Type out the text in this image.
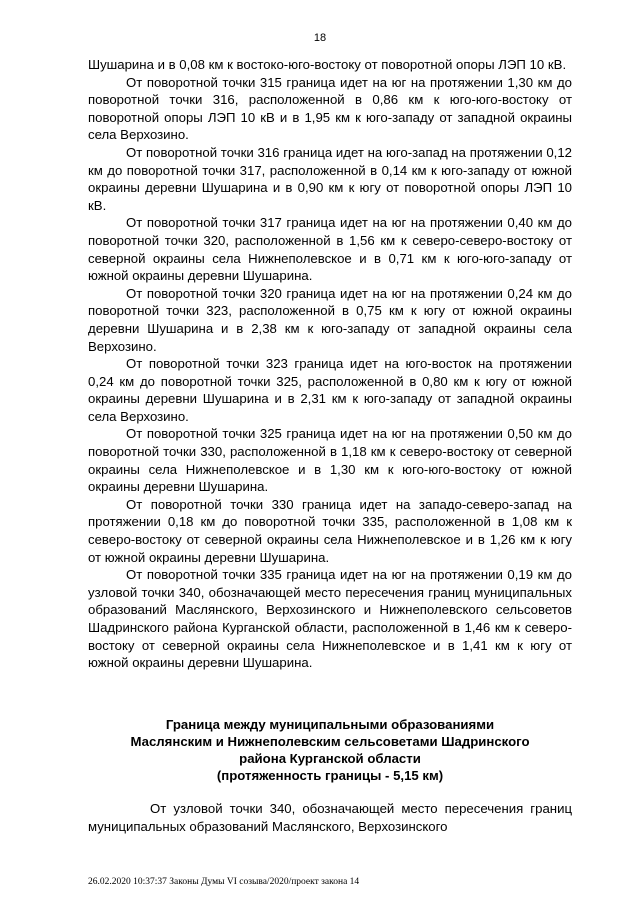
18

Шушарина и в 0,08 км к востоко-юго-востоку от поворотной опоры ЛЭП 10 кВ.

От поворотной точки 315 граница идет на юг на протяжении 1,30 км до поворотной точки 316, расположенной в 0,86 км к юго-юго-востоку от поворотной опоры ЛЭП 10 кВ и в 1,95 км к юго-западу от западной окраины села Верхозино.

От поворотной точки 316 граница идет на юго-запад на протяжении 0,12 км до поворотной точки 317, расположенной в 0,14 км к юго-западу от южной окраины деревни Шушарина и в 0,90 км к югу от поворотной опоры ЛЭП 10 кВ.

От поворотной точки 317 граница идет на юг на протяжении 0,40 км до поворотной точки 320, расположенной в 1,56 км к северо-северо-востоку от северной окраины села Нижнеполевское и в 0,71 км к юго-юго-западу от южной окраины деревни Шушарина.

От поворотной точки 320 граница идет на юг на протяжении 0,24 км до поворотной точки 323, расположенной в 0,75 км к югу от южной окраины деревни Шушарина и в 2,38 км к юго-западу от западной окраины села Верхозино.

От поворотной точки 323 граница идет на юго-восток на протяжении 0,24 км до поворотной точки 325, расположенной в 0,80 км к югу от южной окраины деревни Шушарина и в 2,31 км к юго-западу от западной окраины села Верхозино.

От поворотной точки 325 граница идет на юг на протяжении 0,50 км до поворотной точки 330, расположенной в 1,18 км к северо-востоку от северной окраины села Нижнеполевское и в 1,30 км к юго-юго-востоку от южной окраины деревни Шушарина.

От поворотной точки 330 граница идет на западо-северо-запад на протяжении 0,18 км до поворотной точки 335, расположенной в 1,08 км к северо-востоку от северной окраины села Нижнеполевское и в 1,26 км к югу от южной окраины деревни Шушарина.

От поворотной точки 335 граница идет на юг на протяжении 0,19 км до узловой точки 340, обозначающей место пересечения границ муниципальных образований Маслянского, Верхозинского и Нижнеполевского сельсоветов Шадринского района Курганской области, расположенной в 1,46 км к северо-востоку от северной окраины села Нижнеполевское и в 1,41 км к югу от южной окраины деревни Шушарина.

Граница между муниципальными образованиями
Маслянским и Нижнеполевским сельсоветами Шадринского
района Курганской области
(протяженность границы - 5,15 км)

От узловой точки 340, обозначающей место пересечения границ муниципальных образований Маслянского, Верхозинского

26.02.2020 10:37:37 Законы Думы VI созыва/2020/проект закона 14
